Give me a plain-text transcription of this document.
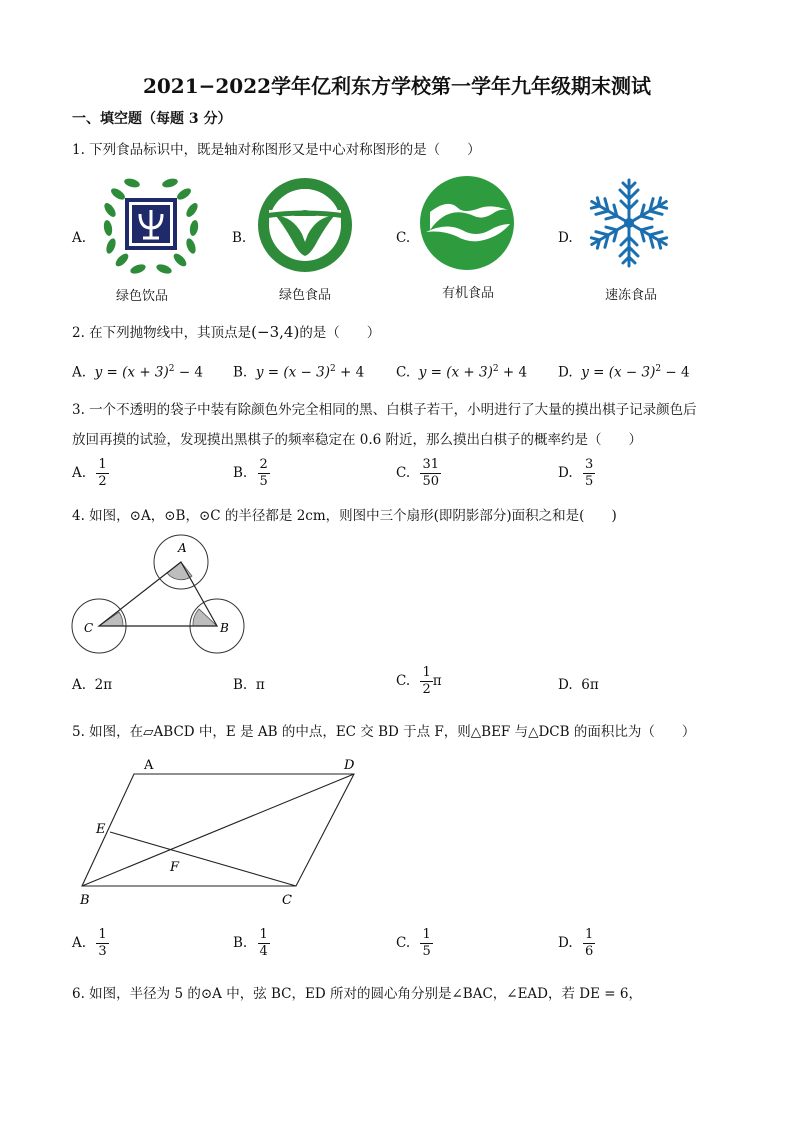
2021−2022学年亿利东方学校第一学年九年级期末测试
一、填空题（每题 3 分）
1. 下列食品标识中，既是轴对称图形又是中心对称图形的是（　　）
A.
绿色饮品
B.
绿色食品
C.
有机食品
D.
速冻食品
2. 在下列抛物线中，其顶点是(−3,4)的是（　　）
A. $y = (x + 3)^2 - 4$ B. $y = (x - 3)^2 + 4$ C. $y = (x + 3)^2 + 4$ D. $y = (x - 3)^2 - 4$
3. 一个不透明的袋子中装有除颜色外完全相同的黑、白棋子若干，小明进行了大量的摸出棋子记录颜色后
放回再摸的试验，发现摸出黑棋子的频率稳定在 0.6 附近，那么摸出白棋子的概率约是（　　）
A. $\frac{1}{2}$	B. $\frac{2}{5}$	C. $\frac{31}{50}$	D. $\frac{3}{5}$
4. 如图，⊙A，⊙B，⊙C 的半径都是 2cm，则图中三个扇形(即阴影部分)面积之和是(　　)
A
C	B
A. 2π	B. π	C. $\frac{1}{2}$ π	D. 6π
5. 如图，在▱ABCD 中，E 是 AB 的中点，EC 交 BD 于点 F，则△BEF 与△DCB 的面积比为（　　）
A	D
E
F
B	C
A. $\frac{1}{3}$	B. $\frac{1}{4}$	C. $\frac{1}{5}$	D. $\frac{1}{6}$
6. 如图，半径为 5 的⊙A 中，弦 BC，ED 所对的圆心角分别是∠BAC，∠EAD，若 DE = 6，
